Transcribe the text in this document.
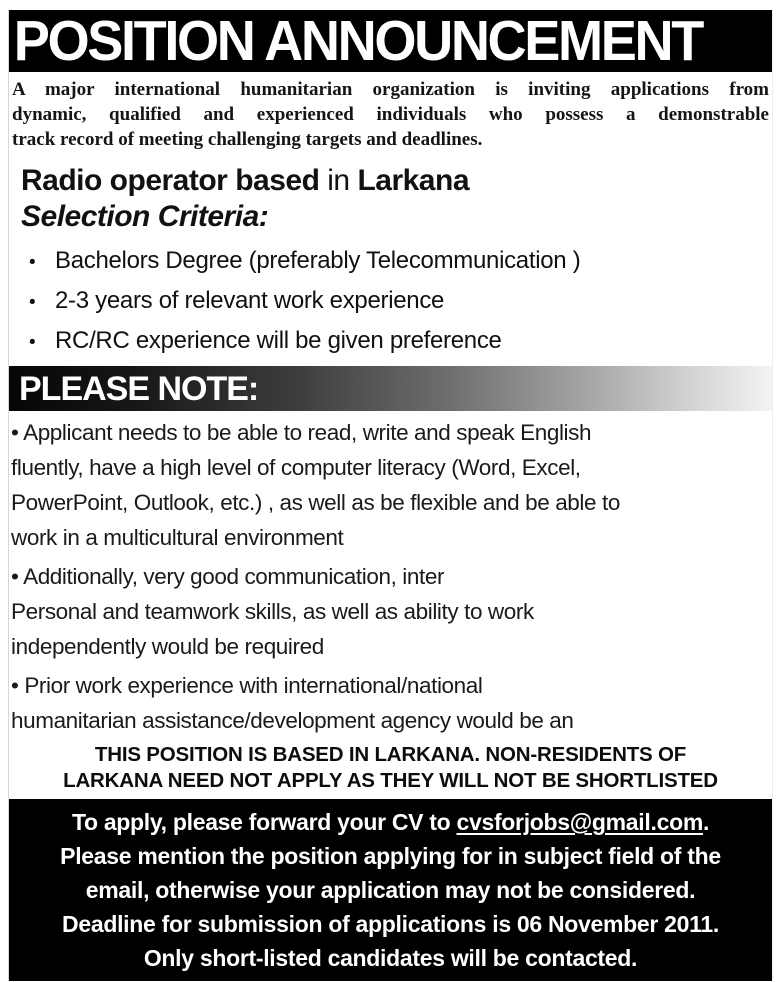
POSITION ANNOUNCEMENT
A major international humanitarian organization is inviting applications from
dynamic, qualified and experienced individuals who possess a demonstrable
track record of meeting challenging targets and deadlines.
Radio operator based in Larkana
Selection Criteria:
• Bachelors Degree (preferably Telecommunication )
• 2-3 years of relevant work experience
• RC/RC experience will be given preference
PLEASE NOTE:
• Applicant needs to be able to read, write and speak English
fluently, have a high level of computer literacy (Word, Excel,
PowerPoint, Outlook, etc.) , as well as be flexible and be able to
work in a multicultural environment
• Additionally, very good communication, inter
Personal and teamwork skills, as well as ability to work
independently would be required
• Prior work experience with international/national
humanitarian assistance/development agency would be an
THIS POSITION IS BASED IN LARKANA. NON-RESIDENTS OF
LARKANA NEED NOT APPLY AS THEY WILL NOT BE SHORTLISTED
To apply, please forward your CV to cvsforjobs@gmail.com.
Please mention the position applying for in subject field of the
email, otherwise your application may not be considered.
Deadline for submission of applications is 06 November 2011.
Only short-listed candidates will be contacted.
